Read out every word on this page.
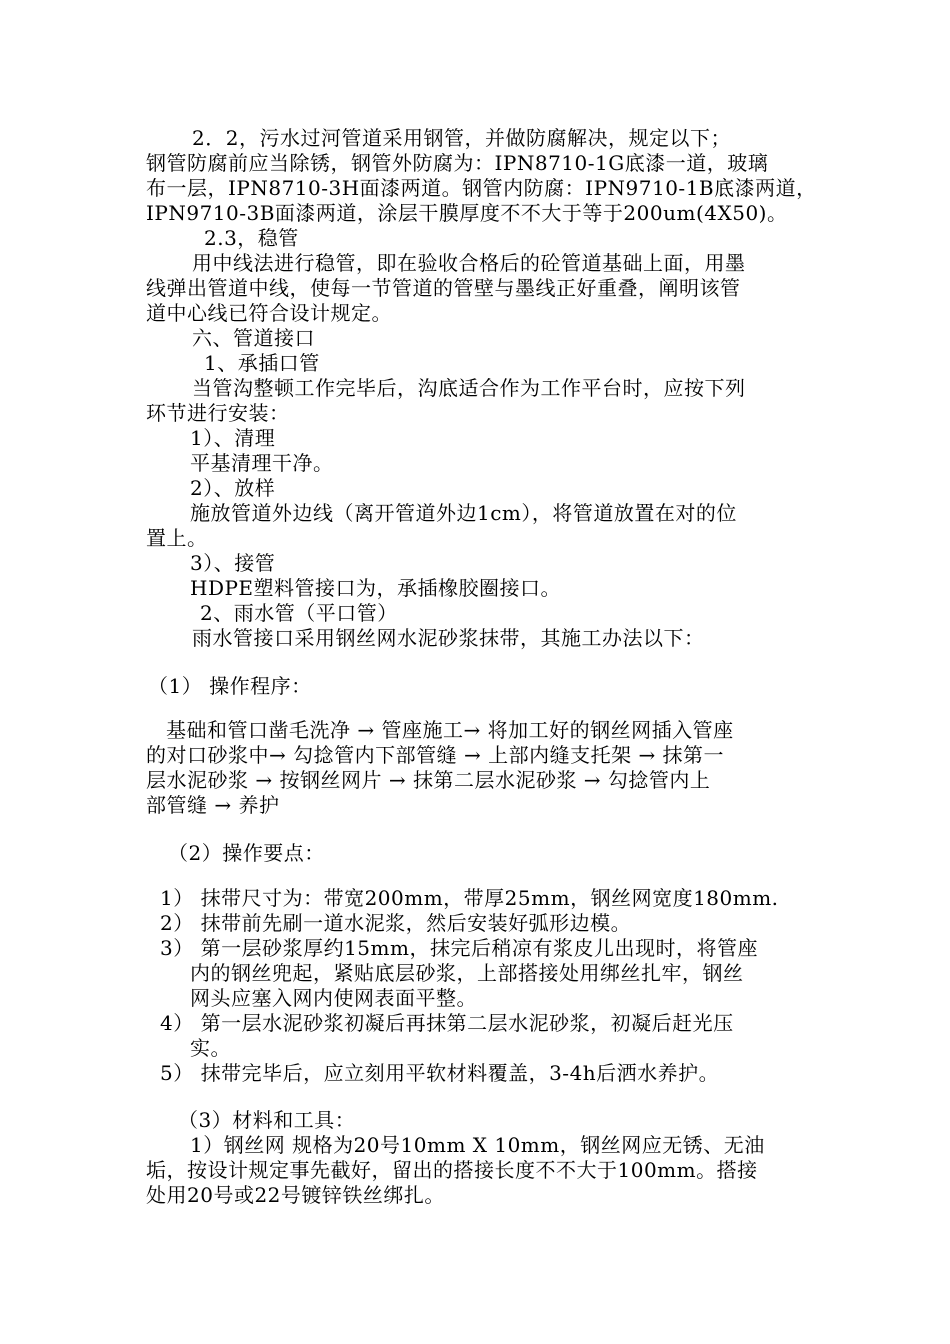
2．2，污水过河管道采用钢管，并做防腐解决，规定以下；
钢管防腐前应当除锈，钢管外防腐为：IPN8710-1G底漆一道，玻璃
布一层，IPN8710-3H面漆两道。钢管内防腐：IPN9710-1B底漆两道，
IPN9710-3B面漆两道，涂层干膜厚度不不大于等于200um(4X50)。
2.3，稳管
用中线法进行稳管，即在验收合格后的砼管道基础上面，用墨
线弹出管道中线，使每一节管道的管壁与墨线正好重叠，阐明该管
道中心线已符合设计规定。
六、管道接口
1、承插口管
当管沟整顿工作完毕后，沟底适合作为工作平台时，应按下列
环节进行安装：
1）、清理
平基清理干净。
2）、放样
施放管道外边线（离开管道外边1cm），将管道放置在对的位
置上。
3）、接管
HDPE塑料管接口为，承插橡胶圈接口。
2、雨水管（平口管）
雨水管接口采用钢丝网水泥砂浆抹带，其施工办法以下：
（1） 操作程序：
基础和管口凿毛洗净 → 管座施工→ 将加工好的钢丝网插入管座
的对口砂浆中→ 勾捻管内下部管缝 → 上部内缝支托架 → 抹第一
层水泥砂浆 → 按钢丝网片 → 抹第二层水泥砂浆 → 勾捻管内上
部管缝 → 养护
（2）操作要点：
1） 抹带尺寸为：带宽200mm，带厚25mm，钢丝网宽度180mm.
2） 抹带前先刷一道水泥浆，然后安装好弧形边模。
3） 第一层砂浆厚约15mm，抹完后稍凉有浆皮儿出现时，将管座
内的钢丝兜起，紧贴底层砂浆，上部搭接处用绑丝扎牢，钢丝
网头应塞入网内使网表面平整。
4） 第一层水泥砂浆初凝后再抹第二层水泥砂浆，初凝后赶光压
实。
5） 抹带完毕后，应立刻用平软材料覆盖，3-4h后洒水养护。
（3）材料和工具：
1）钢丝网 规格为20号10mm X 10mm，钢丝网应无锈、无油
垢，按设计规定事先截好，留出的搭接长度不不大于100mm。搭接
处用20号或22号镀锌铁丝绑扎。
